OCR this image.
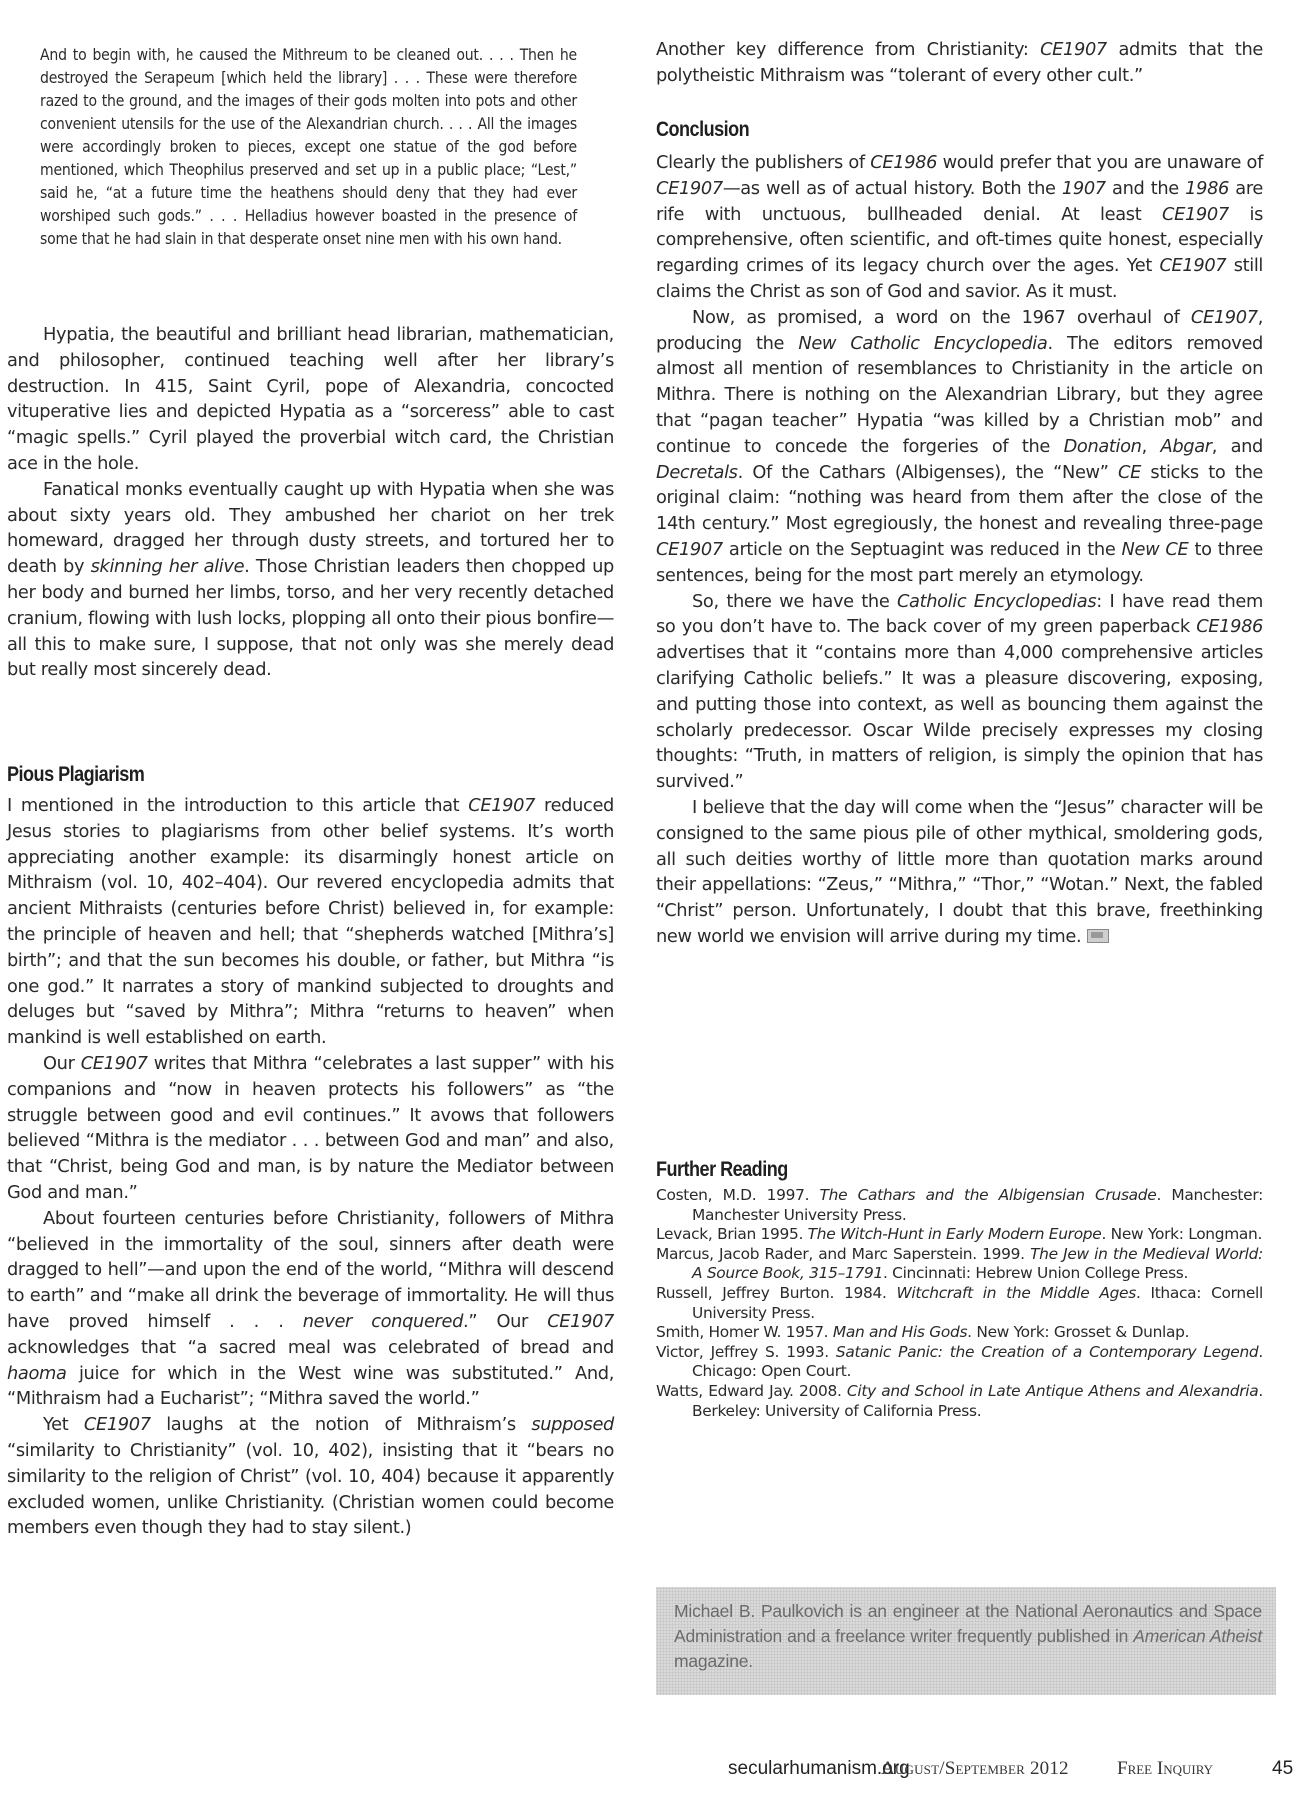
And to begin with, he caused the Mithreum to be cleaned out. . . . Then he destroyed the Serapeum [which held the library] . . . These were therefore razed to the ground, and the images of their gods molten into pots and other convenient utensils for the use of the Alexandrian church. . . . All the images were accordingly broken to pieces, except one statue of the god before mentioned, which Theophilus preserved and set up in a public place; “Lest,” said he, “at a future time the heathens should deny that they had ever worshiped such gods.” . . . Helladius however boasted in the presence of some that he had slain in that desperate onset nine men with his own hand.

Hypatia, the beautiful and brilliant head librarian, mathematician, and philosopher, continued teaching well after her library’s destruction. In 415, Saint Cyril, pope of Alexandria, concocted vituperative lies and depicted Hypatia as a “sorceress” able to cast “magic spells.” Cyril played the proverbial witch card, the Christian ace in the hole.

Fanatical monks eventually caught up with Hypatia when she was about sixty years old. They ambushed her chariot on her trek homeward, dragged her through dusty streets, and tortured her to death by skinning her alive. Those Christian leaders then chopped up her body and burned her limbs, torso, and her very recently detached cranium, flowing with lush locks, plopping all onto their pious bonfire—all this to make sure, I suppose, that not only was she merely dead but really most sincerely dead.

Pious Plagiarism

I mentioned in the introduction to this article that CE1907 reduced Jesus stories to plagiarisms from other belief systems. It’s worth appreciating another example: its disarmingly honest article on Mithraism (vol. 10, 402–404). Our revered encyclopedia admits that ancient Mithraists (centuries before Christ) believed in, for example: the principle of heaven and hell; that “shepherds watched [Mithra’s] birth”; and that the sun becomes his double, or father, but Mithra “is one god.” It narrates a story of mankind subjected to droughts and deluges but “saved by Mithra”; Mithra “returns to heaven” when mankind is well established on earth.

Our CE1907 writes that Mithra “celebrates a last supper” with his companions and “now in heaven protects his followers” as “the struggle between good and evil continues.” It avows that followers believed “Mithra is the mediator . . . between God and man” and also, that “Christ, being God and man, is by nature the Mediator between God and man.”

About fourteen centuries before Christianity, followers of Mithra “believed in the immortality of the soul, sinners after death were dragged to hell”—and upon the end of the world, “Mithra will descend to earth” and “make all drink the beverage of immortality. He will thus have proved himself . . . never conquered.” Our CE1907 acknowledges that “a sacred meal was celebrated of bread and haoma juice for which in the West wine was substituted.” And, “Mithraism had a Eucharist”; “Mithra saved the world.”

Yet CE1907 laughs at the notion of Mithraism’s supposed “similarity to Christianity” (vol. 10, 402), insisting that it “bears no similarity to the religion of Christ” (vol. 10, 404) because it apparently excluded women, unlike Christianity. (Christian women could become members even though they had to stay silent.)

Another key difference from Christianity: CE1907 admits that the polytheistic Mithraism was “tolerant of every other cult.”

Conclusion

Clearly the publishers of CE1986 would prefer that you are unaware of CE1907—as well as of actual history. Both the 1907 and the 1986 are rife with unctuous, bullheaded denial. At least CE1907 is comprehensive, often scientific, and oft-times quite honest, especially regarding crimes of its legacy church over the ages. Yet CE1907 still claims the Christ as son of God and savior. As it must.

Now, as promised, a word on the 1967 overhaul of CE1907, producing the New Catholic Encyclopedia. The editors removed almost all mention of resemblances to Christianity in the article on Mithra. There is nothing on the Alexandrian Library, but they agree that “pagan teacher” Hypatia “was killed by a Christian mob” and continue to concede the forgeries of the Donation, Abgar, and Decretals. Of the Cathars (Albigenses), the “New” CE sticks to the original claim: “nothing was heard from them after the close of the 14th century.” Most egregiously, the honest and revealing three-page CE1907 article on the Septuagint was reduced in the New CE to three sentences, being for the most part merely an etymology.

So, there we have the Catholic Encyclopedias: I have read them so you don’t have to. The back cover of my green paperback CE1986 advertises that it “contains more than 4,000 comprehensive articles clarifying Catholic beliefs.” It was a pleasure discovering, exposing, and putting those into context, as well as bouncing them against the scholarly predecessor. Oscar Wilde precisely expresses my closing thoughts: “Truth, in matters of religion, is simply the opinion that has survived.”

I believe that the day will come when the “Jesus” character will be consigned to the same pious pile of other mythical, smoldering gods, all such deities worthy of little more than quotation marks around their appellations: “Zeus,” “Mithra,” “Thor,” “Wotan.” Next, the fabled “Christ” person. Unfortunately, I doubt that this brave, freethinking new world we envision will arrive during my time.

Further Reading

Costen, M.D. 1997. The Cathars and the Albigensian Crusade. Manchester: Manchester University Press.

Levack, Brian 1995. The Witch-Hunt in Early Modern Europe. New York: Longman.

Marcus, Jacob Rader, and Marc Saperstein. 1999. The Jew in the Medieval World: A Source Book, 315–1791. Cincinnati: Hebrew Union College Press.

Russell, Jeffrey Burton. 1984. Witchcraft in the Middle Ages. Ithaca: Cornell University Press.

Smith, Homer W. 1957. Man and His Gods. New York: Grosset & Dunlap.

Victor, Jeffrey S. 1993. Satanic Panic: the Creation of a Contemporary Legend. Chicago: Open Court.

Watts, Edward Jay. 2008. City and School in Late Antique Athens and Alexandria. Berkeley: University of California Press.

Michael B. Paulkovich is an engineer at the National Aeronautics and Space Administration and a freelance writer frequently published in American Atheist magazine.
secularhumanism.org
August/September 2012	Free Inquiry	45
